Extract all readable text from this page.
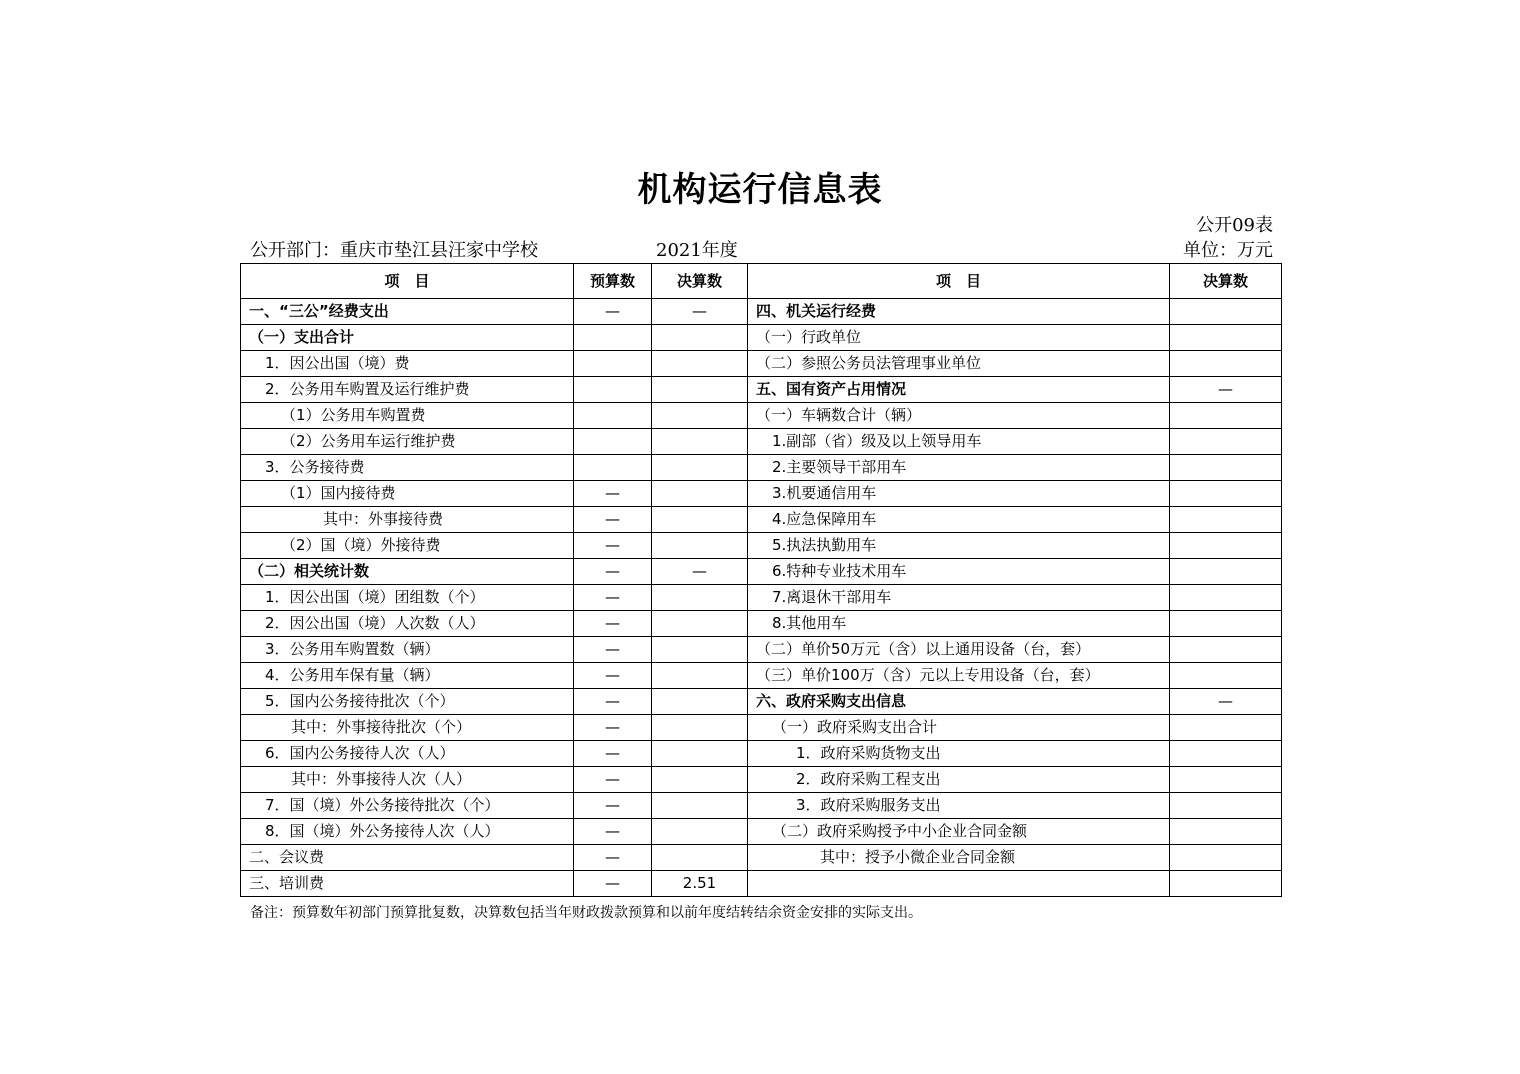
机构运行信息表
公开09表
公开部门：重庆市垫江县汪家中学校	2021年度	单位：万元
项　目	预算数	决算数	项　目	决算数
一、“三公”经费支出	—	—	四、机关运行经费	
（一）支出合计			（一）行政单位	
1．因公出国（境）费			（二）参照公务员法管理事业单位	
2．公务用车购置及运行维护费			五、国有资产占用情况	—
（1）公务用车购置费			（一）车辆数合计（辆）	
（2）公务用车运行维护费			1.副部（省）级及以上领导用车	
3．公务接待费			2.主要领导干部用车	
（1）国内接待费	—		3.机要通信用车	
其中：外事接待费	—		4.应急保障用车	
（2）国（境）外接待费	—		5.执法执勤用车	
（二）相关统计数	—	—	6.特种专业技术用车	
1．因公出国（境）团组数（个）	—		7.离退休干部用车	
2．因公出国（境）人次数（人）	—		8.其他用车	
3．公务用车购置数（辆）	—		（二）单价50万元（含）以上通用设备（台，套）	
4．公务用车保有量（辆）	—		（三）单价100万（含）元以上专用设备（台，套）	
5．国内公务接待批次（个）	—		六、政府采购支出信息	—
其中：外事接待批次（个）	—		（一）政府采购支出合计	
6．国内公务接待人次（人）	—		1．政府采购货物支出	
其中：外事接待人次（人）	—		2．政府采购工程支出	
7．国（境）外公务接待批次（个）	—		3．政府采购服务支出	
8．国（境）外公务接待人次（人）	—		（二）政府采购授予中小企业合同金额	
二、会议费	—		其中：授予小微企业合同金额	
三、培训费	—	2.51		
备注：预算数年初部门预算批复数，决算数包括当年财政拨款预算和以前年度结转结余资金安排的实际支出。
